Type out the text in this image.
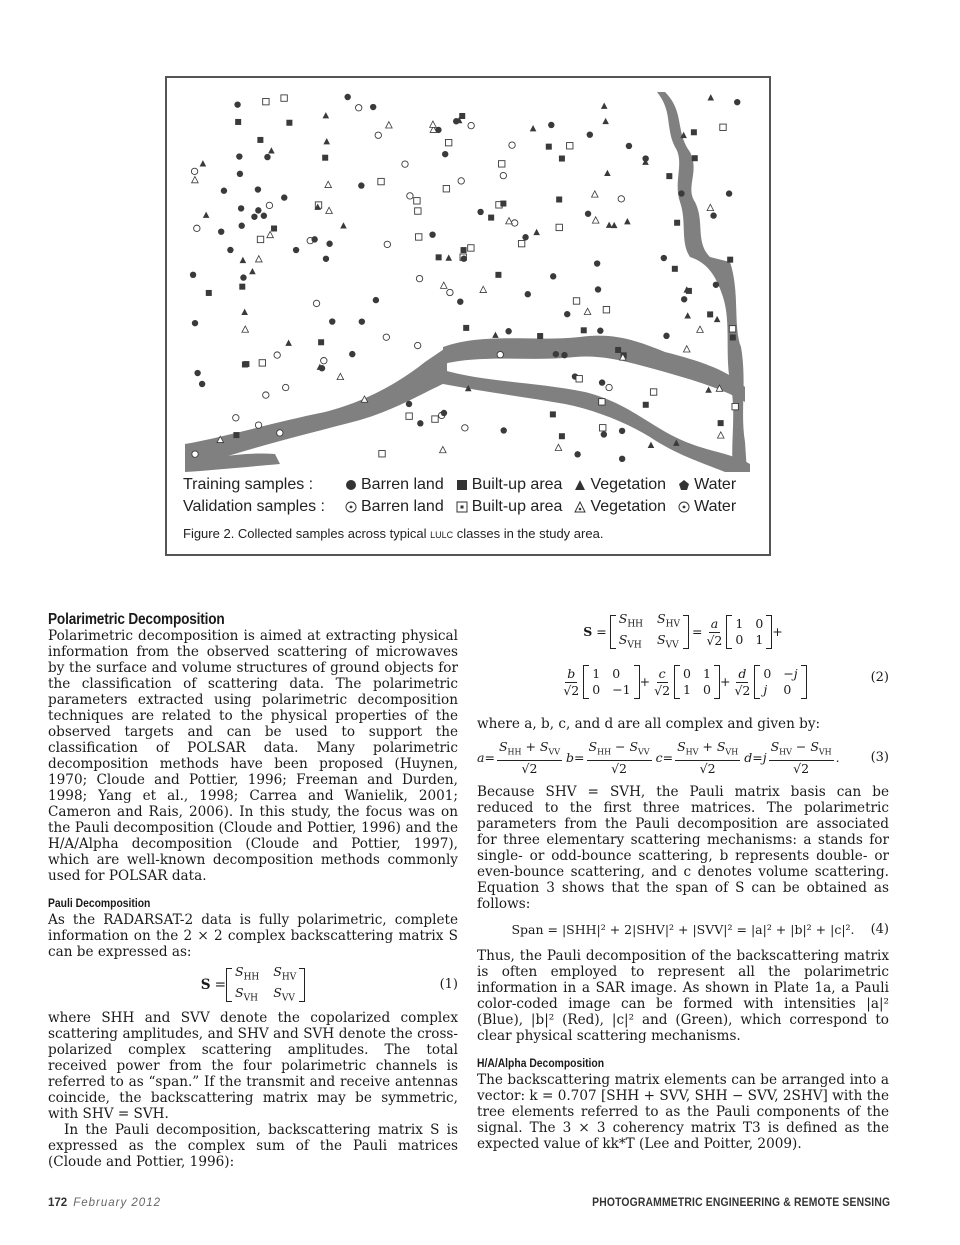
Training samples :	Barren land Built-up area Vegetation Water
Validation samples :	Barren land Built-up area Vegetation Water
Figure 2. Collected samples across typical lulc classes in the study area.
Polarimetric Decomposition

Polarimetric decomposition is aimed at extracting physical information from the observed scattering of microwaves by the surface and volume structures of ground objects for the classification of scattering data. The polarimetric parameters extracted using polarimetric decomposition techniques are related to the physical properties of the observed targets and can be used to support the classification of POLSAR data. Many polarimetric decomposition methods have been proposed (Huynen, 1970; Cloude and Pottier, 1996; Freeman and Durden, 1998; Yang et al., 1998; Carrea and Wanielik, 2001; Cameron and Rais, 2006). In this study, the focus was on the Pauli decomposition (Cloude and Pottier, 1996) and the H/A/Alpha decomposition (Cloude and Pottier, 1997), which are well-known decomposition methods commonly used for POLSAR data.

Pauli Decomposition

As the RADARSAT-2 data is fully polarimetric, complete information on the 2 × 2 complex backscattering matrix S can be expressed as:

S =
$S_{HH}$ $S_{HV}$
$S_{VH}$ $S_{VV}$
(1)

where SHH and SVV denote the copolarized complex scattering amplitudes, and SHV and SVH denote the cross-polarized complex scattering amplitudes. The total received power from the four polarimetric channels is referred to as “span.” If the transmit and receive antennas coincide, the backscattering matrix may be symmetric, with SHV = SVH.

In the Pauli decomposition, backscattering matrix S is expressed as the complex sum of the Pauli matrices (Cloude and Pottier, 1996):

S =
$S_{HH}$ $S_{HV}$
$S_{VH}$ $S_{VV}$
= $\frac{a}{√2} 1$ 0
0 1
+
$\frac{b}{√2} 1$ 0
0 −1
+ $\frac{c}{√2} 0$ 1
1 0
+ $\frac{d}{√2} 0 -j$
j	0
(2)

where a, b, c, and d are all complex and given by:

$a = \frac{S_{HH} + S_{VV}}{√2}$ $b = \frac{S_{HH} - S_{VV}}{√2}$ $c = \frac{S_{HV} + S_{VH}}{√2}$ d = j $\frac{S_{HV} - S_{VH}}{√2}$ . (3)

Because SHV = SVH, the Pauli matrix basis can be reduced to the first three matrices. The polarimetric parameters from the Pauli decomposition are associated for three elementary scattering mechanisms: a stands for single- or odd-bounce scattering, b represents double- or even-bounce scattering, and c denotes volume scattering. Equation 3 shows that the span of S can be obtained as follows:

Span = |SHH|² + 2|SHV|² + |SVV|² = |a|² + |b|² + |c|². (4)

Thus, the Pauli decomposition of the backscattering matrix is often employed to represent all the polarimetric information in a SAR image. As shown in Plate 1a, a Pauli color-coded image can be formed with intensities |a|² (Blue), |b|² (Red), |c|² and (Green), which correspond to clear physical scattering mechanisms.

H/A/Alpha Decomposition

The backscattering matrix elements can be arranged into a vector: k = 0.707 [SHH + SVV, SHH − SVV, 2SHV] with the tree elements referred to as the Pauli components of the signal. The 3 × 3 coherency matrix T3 is defined as the expected value of kk*T (Lee and Poitter, 2009).

172 February 2012	PHOTOGRAMMETRIC ENGINEERING & REMOTE SENSING
